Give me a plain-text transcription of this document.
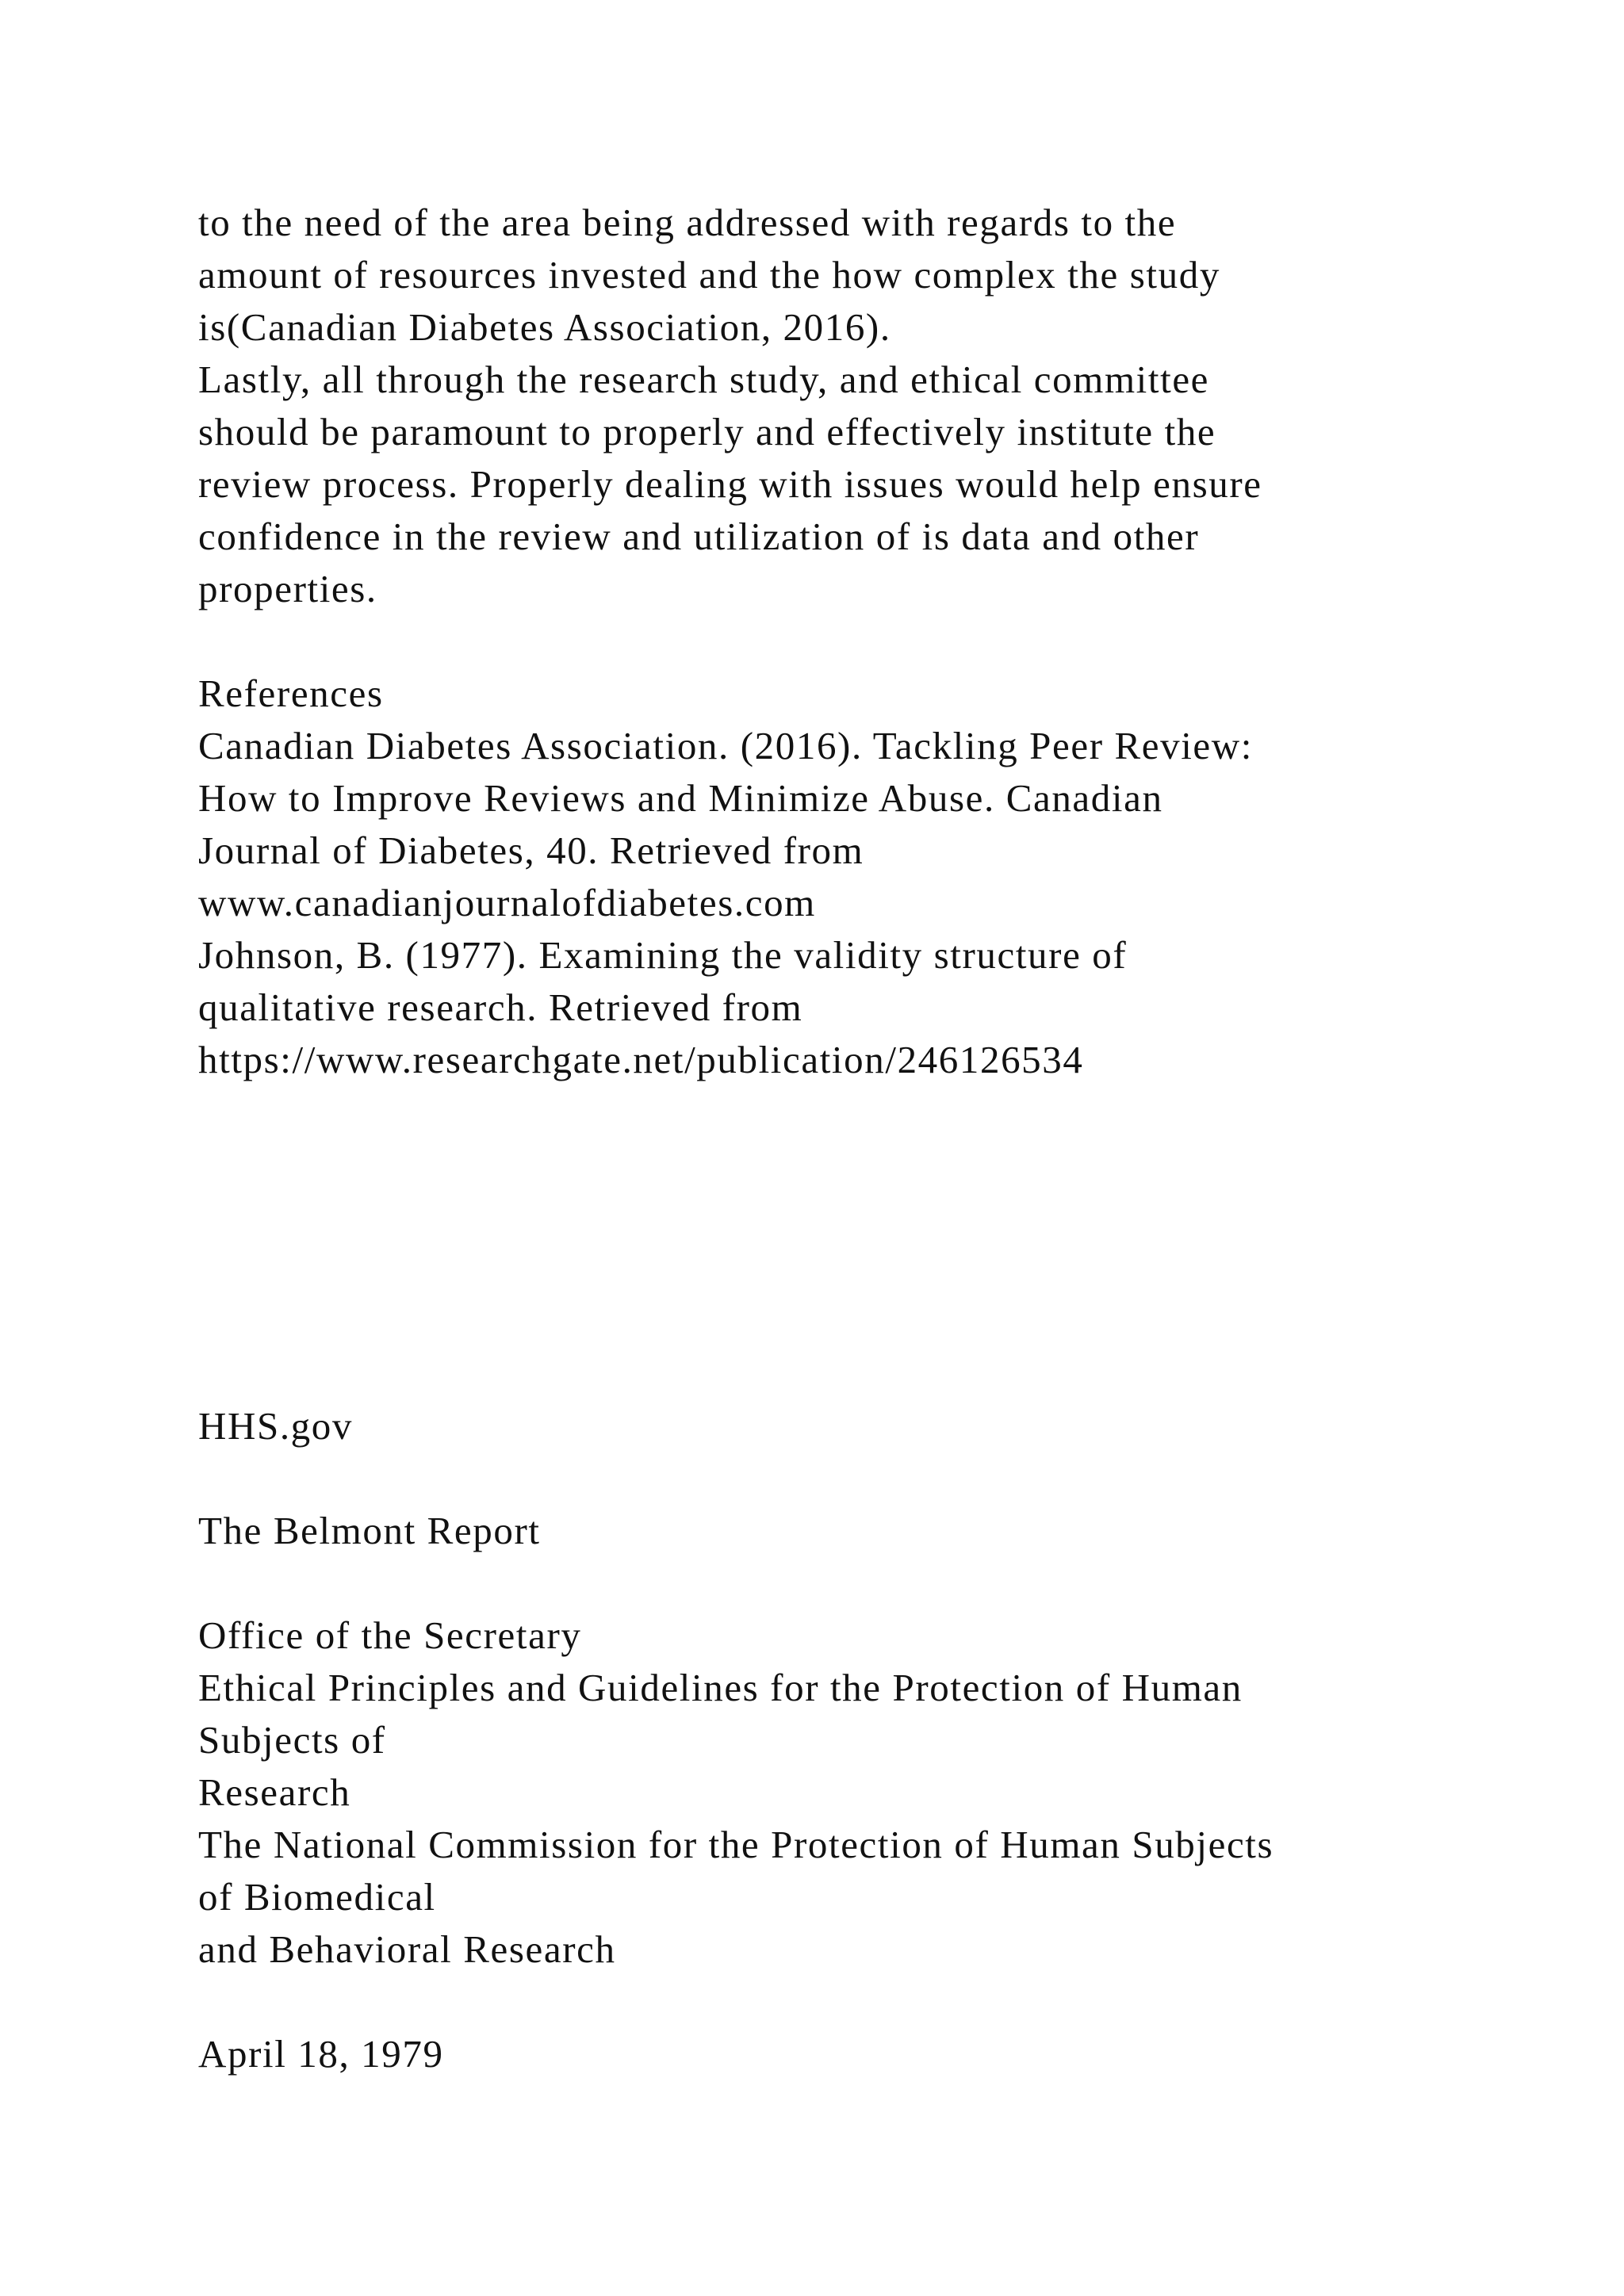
to the need of the area being addressed with regards to the
amount of resources invested and the how complex the study
is(Canadian Diabetes Association, 2016).
Lastly, all through the research study, and ethical committee
should be paramount to properly and effectively institute the
review process. Properly dealing with issues would help ensure
confidence in the review and utilization of is data and other
properties.
References
Canadian Diabetes Association. (2016). Tackling Peer Review:
How to Improve Reviews and Minimize Abuse. Canadian
Journal of Diabetes, 40. Retrieved from
www.canadianjournalofdiabetes.com
Johnson, B. (1977). Examining the validity structure of
qualitative research. Retrieved from
https://www.researchgate.net/publication/246126534
HHS.gov
The Belmont Report
Office of the Secretary
Ethical Principles and Guidelines for the Protection of Human
Subjects of
Research
The National Commission for the Protection of Human Subjects
of Biomedical
and Behavioral Research
April 18, 1979
